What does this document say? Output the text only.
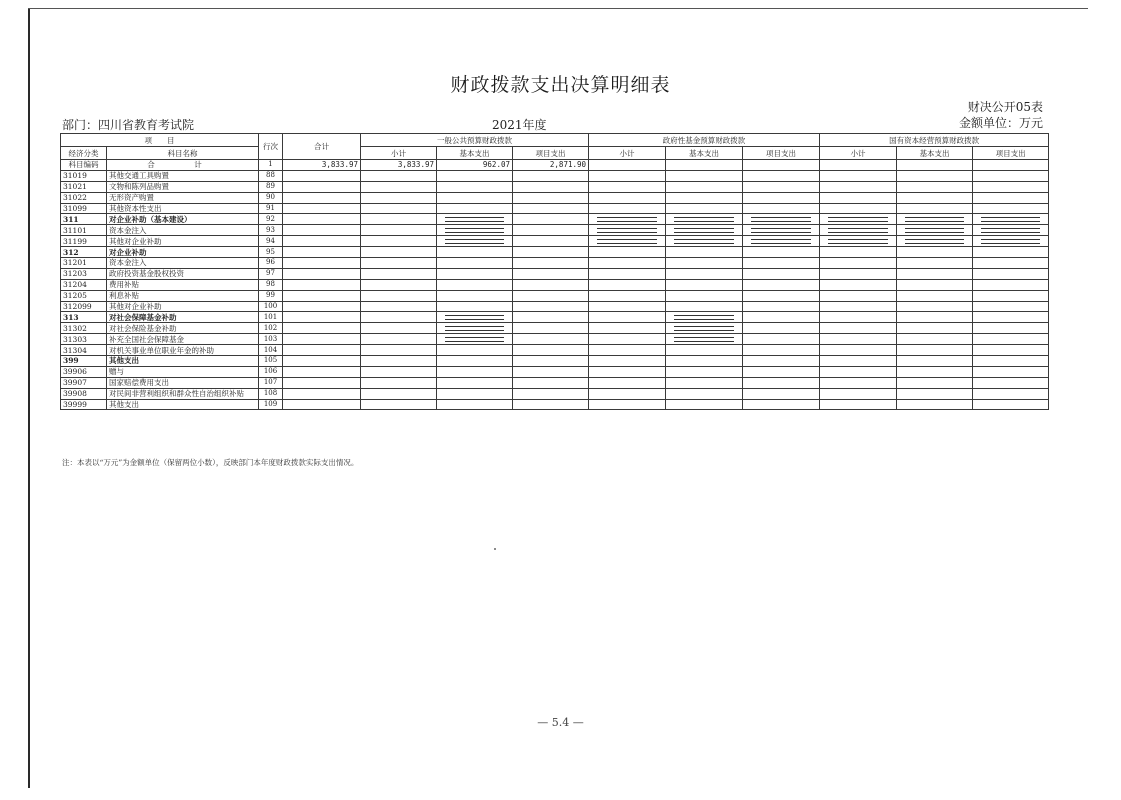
财政拨款支出决算明细表
财决公开05表
部门：四川省教育考试院	2021年度	金额单位：万元
项　　目		行次	合计	一般公共预算财政拨款			政府性基金预算财政拨款			国有资本经营预算财政拨款		
经济分类	科目名称			小计	基本支出	项目支出	小计	基本支出	项目支出	小计	基本支出	项目支出
科目编码	合　计	1	3,833.97	3,833.97	962.07	2,871.90						
31019	其他交通工具购置	88										
31021	文物和陈列品购置	89										
31022	无形资产购置	90										
31099	其他资本性支出	91										
311	对企业补助（基本建设）	92			

31101	资本金注入	93			

31199	其他对企业补助	94			

312	对企业补助	95										
31201	资本金注入	96										
31203	政府投资基金股权投资	97										
31204	费用补贴	98										
31205	利息补贴	99										
312099	其他对企业补助	100										
313	对社会保障基金补助	101			

31302	对社会保险基金补助	102			

31303	补充全国社会保障基金	103			

31304	对机关事业单位职业年金的补助	104										
399	其他支出	105										
39906	赠与	106										
39907	国家赔偿费用支出	107										
39908	对民间非营利组织和群众性自治组织补贴	108										
39999	其他支出	109										
注：本表以“万元”为金额单位（保留两位小数），反映部门本年度财政拨款实际支出情况。
— 5.4 —
